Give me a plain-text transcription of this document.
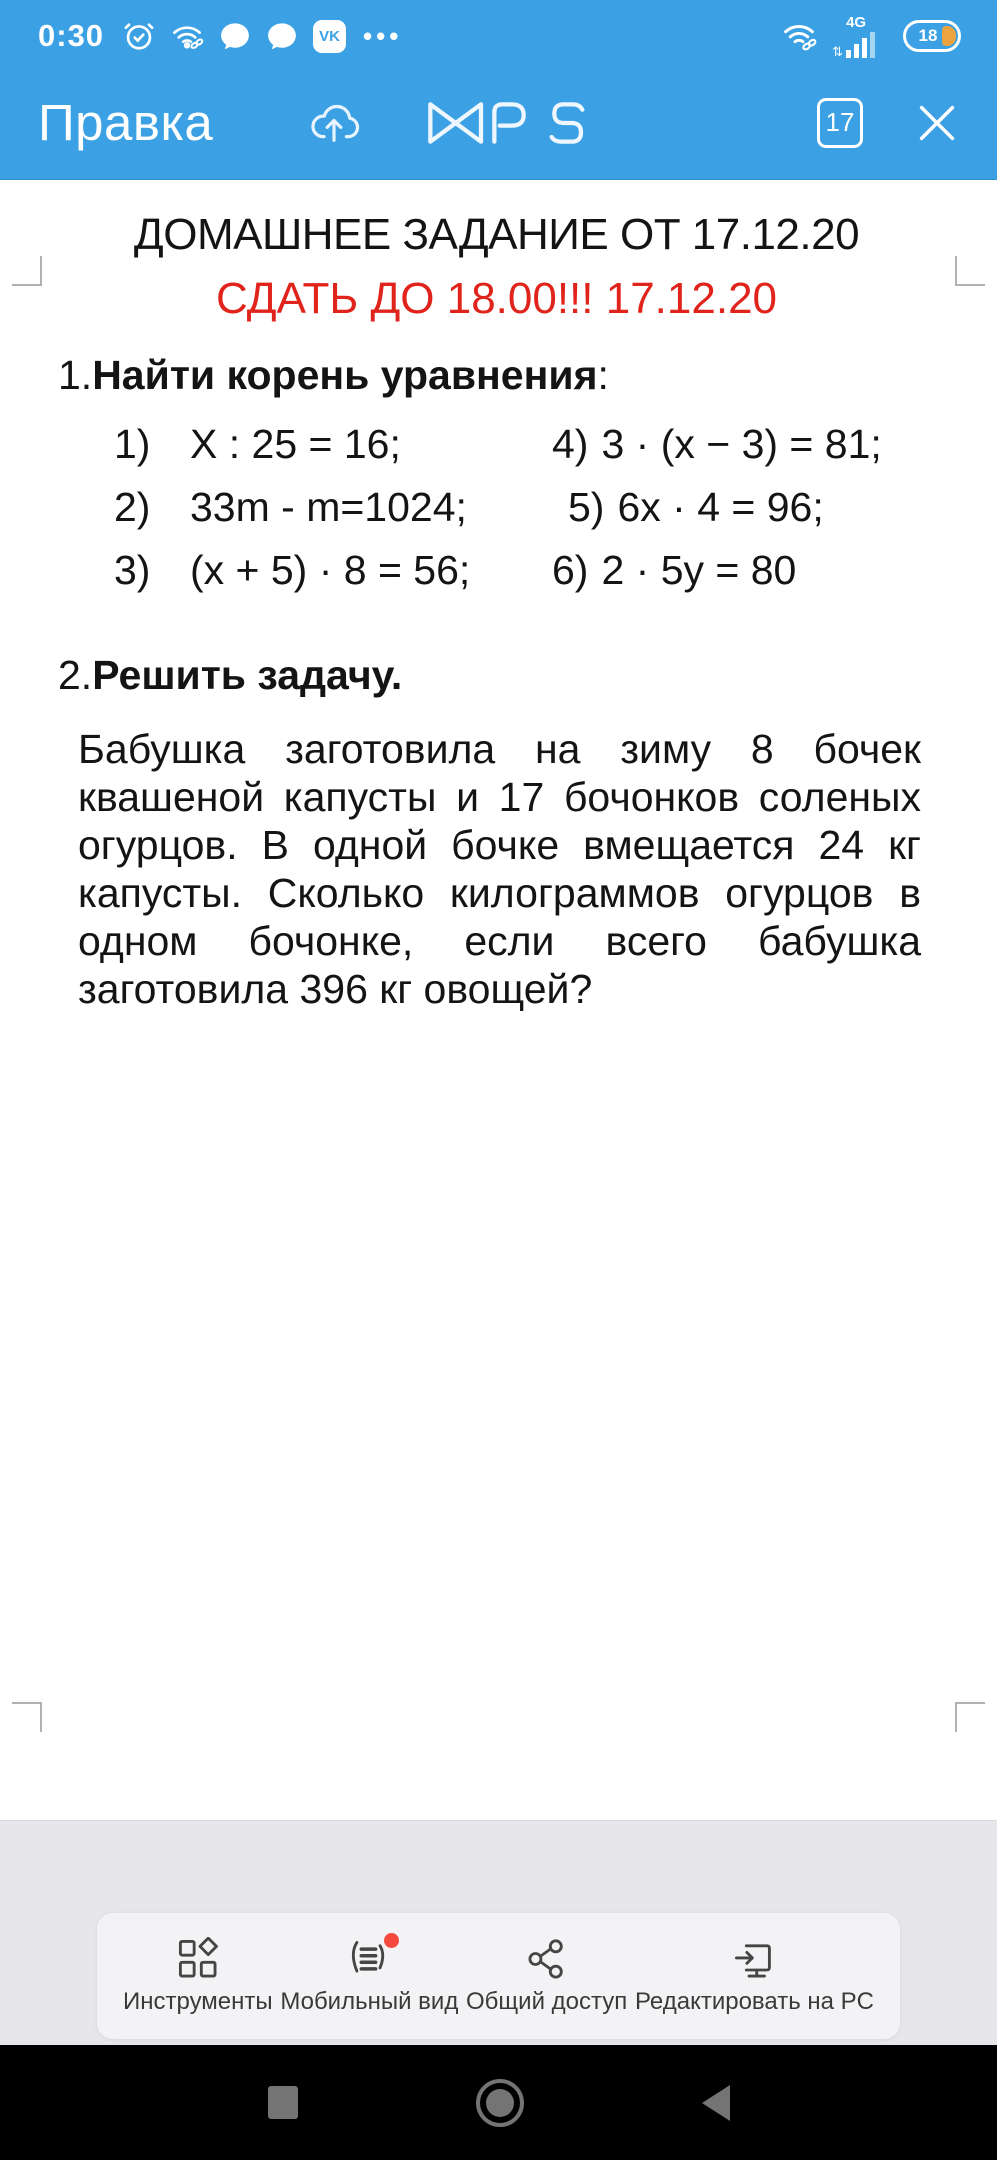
0:30	VK •••	4G
⇅
18
Правка	17
ДОМАШНЕЕ ЗАДАНИЕ ОТ 17.12.20
СДАТЬ ДО 18.00!!! 17.12.20
1.Найти корень уравнения:
1) X : 25 = 16;	4) 3 · (x − 3) = 81;
2) 33m - m=1024; 5) 6x · 4 = 96;
3) (x + 5) · 8 = 56; 6) 2 · 5y = 80
2.Решить задачу.
Бабушка заготовила на зиму 8 бочек квашеной капусты и 17 бочонков соленых огурцов. В одной бочке вмещается 24 кг капусты. Сколько килограммов огурцов в одном бочонке, если всего бабушка заготовила 396 кг овощей?
Инструменты Мобильный вид Общий доступ Редактировать на PC
